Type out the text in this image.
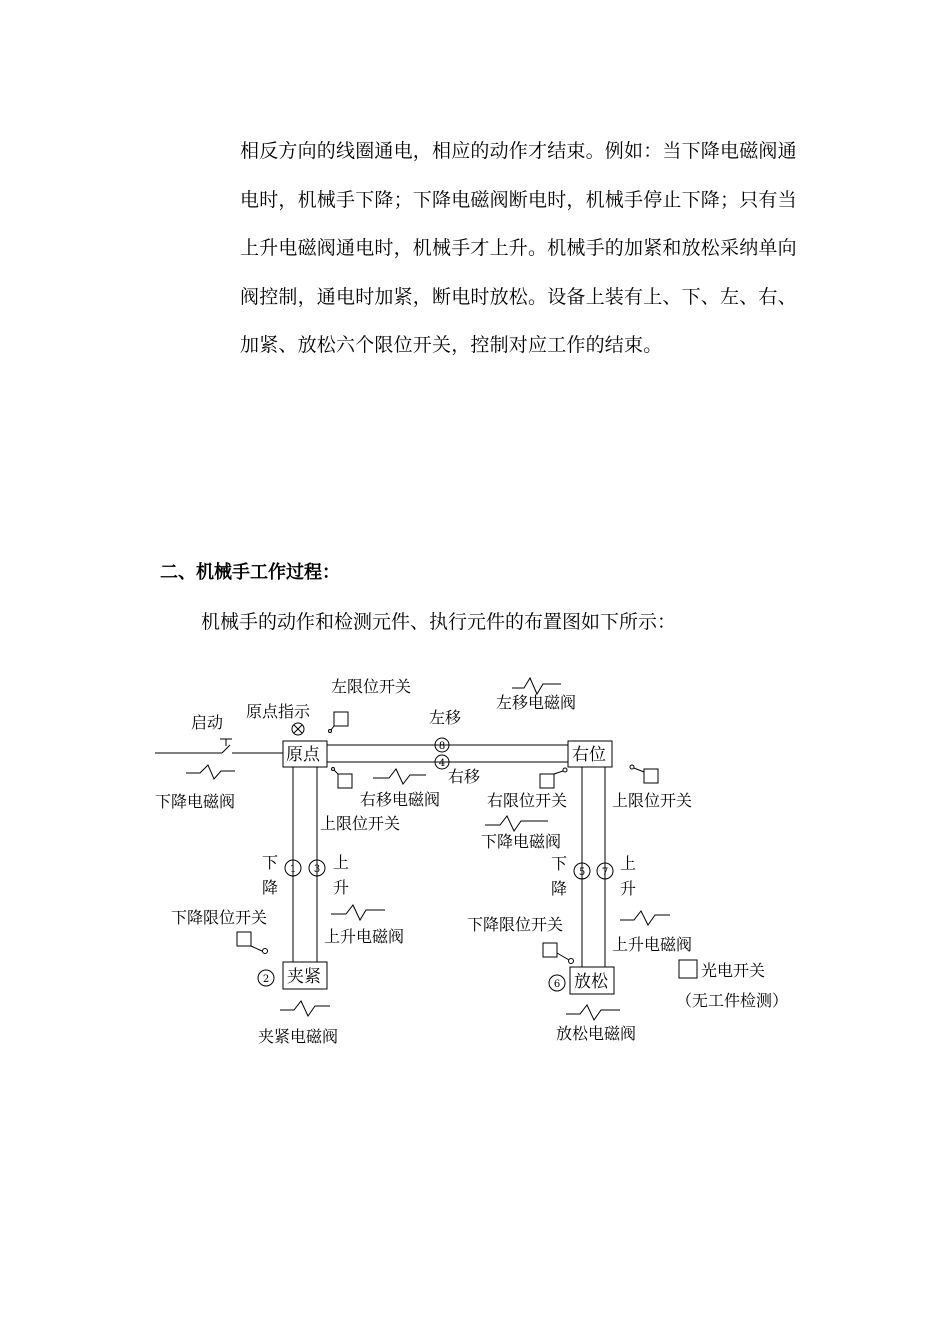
相反方向的线圈通电，相应的动作才结束。例如：当下降电磁阀通
电时，机械手下降；下降电磁阀断电时，机械手停止下降；只有当
上升电磁阀通电时，机械手才上升。机械手的加紧和放松采纳单向
阀控制，通电时加紧，断电时放松。设备上装有上、下、左、右、
加紧、放松六个限位开关，控制对应工作的结束。
二、机械手工作过程：

机械手的动作和检测元件、执行元件的布置图如下所示：

8
4
1 3	5 7
2	6
原点	右位
夹紧	放松
启动
原点指示
左限位开关
左移
左移电磁阀
右移
右移电磁阀
下降电磁阀
上限位开关
右限位开关	上限位开关
下降电磁阀
下
降
上
升
下
降
上
升
下降限位开关
上升电磁阀
下降限位开关
上升电磁阀
光电开关
（无工件检测）
夹紧电磁阀	放松电磁阀
